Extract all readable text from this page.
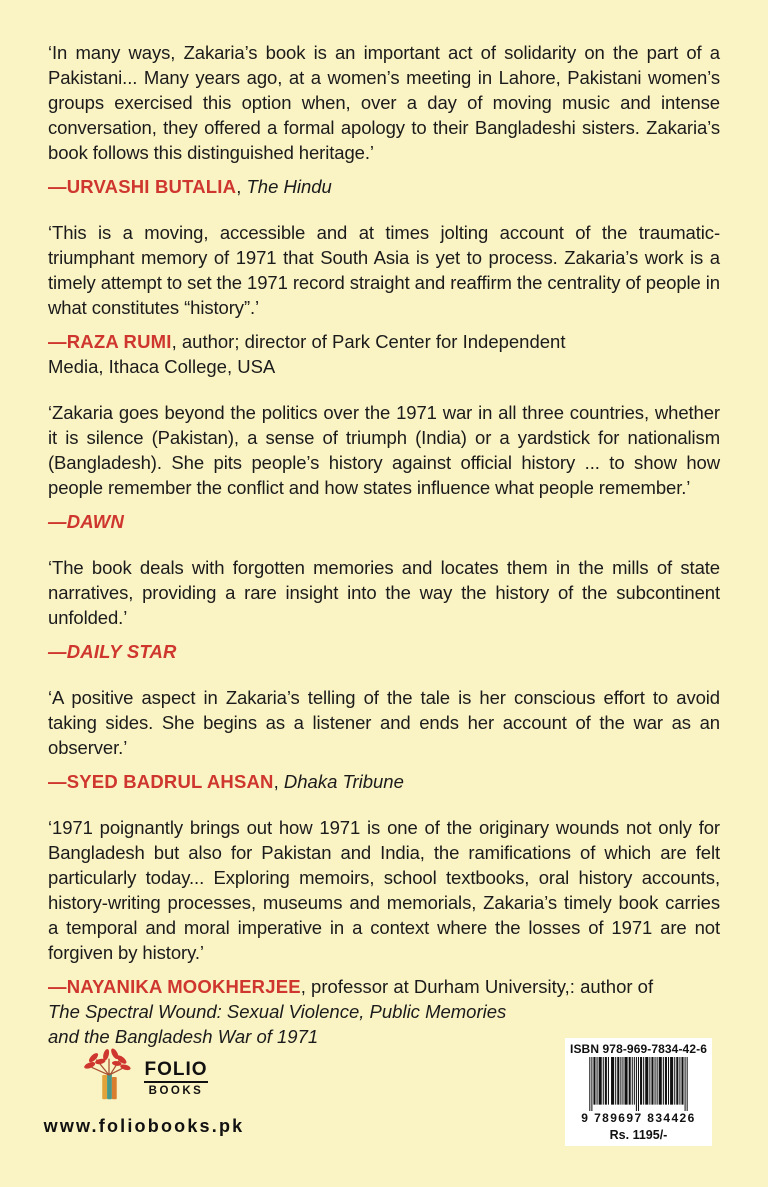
‘In many ways, Zakaria’s book is an important act of solidarity on the part of a Pakistani... Many years ago, at a women’s meeting in Lahore, Pakistani women’s groups exercised this option when, over a day of moving music and intense conversation, they offered a formal apology to their Bangladeshi sisters. Zakaria’s book follows this distinguished heritage.’

—URVASHI BUTALIA, The Hindu

‘This is a moving, accessible and at times jolting account of the traumatic-triumphant memory of 1971 that South Asia is yet to process. Zakaria’s work is a timely attempt to set the 1971 record straight and reaffirm the centrality of people in what constitutes “history”.’

—RAZA RUMI, author; director of Park Center for Independent

Media, Ithaca College, USA

‘Zakaria goes beyond the politics over the 1971 war in all three countries, whether it is silence (Pakistan), a sense of triumph (India) or a yardstick for nationalism (Bangladesh). She pits people’s history against official history ... to show how people remember the conflict and how states influence what people remember.’

—DAWN

‘The book deals with forgotten memories and locates them in the mills of state narratives, providing a rare insight into the way the history of the subcontinent unfolded.’

—DAILY STAR

‘A positive aspect in Zakaria’s telling of the tale is her conscious effort to avoid taking sides. She begins as a listener and ends her account of the war as an observer.’

—SYED BADRUL AHSAN, Dhaka Tribune

‘1971 poignantly brings out how 1971 is one of the originary wounds not only for Bangladesh but also for Pakistan and India, the ramifications of which are felt particularly today... Exploring memoirs, school textbooks, oral history accounts, history-writing processes, museums and memorials, Zakaria’s timely book carries a temporal and moral imperative in a context where the losses of 1971 are not forgiven by history.’

—NAYANIKA MOOKHERJEE, professor at Durham University,: author of

The Spectral Wound: Sexual Violence, Public Memories

and the Bangladesh War of 1971

FOLIO
BOOKS
www.foliobooks.pk
ISBN 978-969-7834-42-6
9 789697 834426
Rs. 1195/-
